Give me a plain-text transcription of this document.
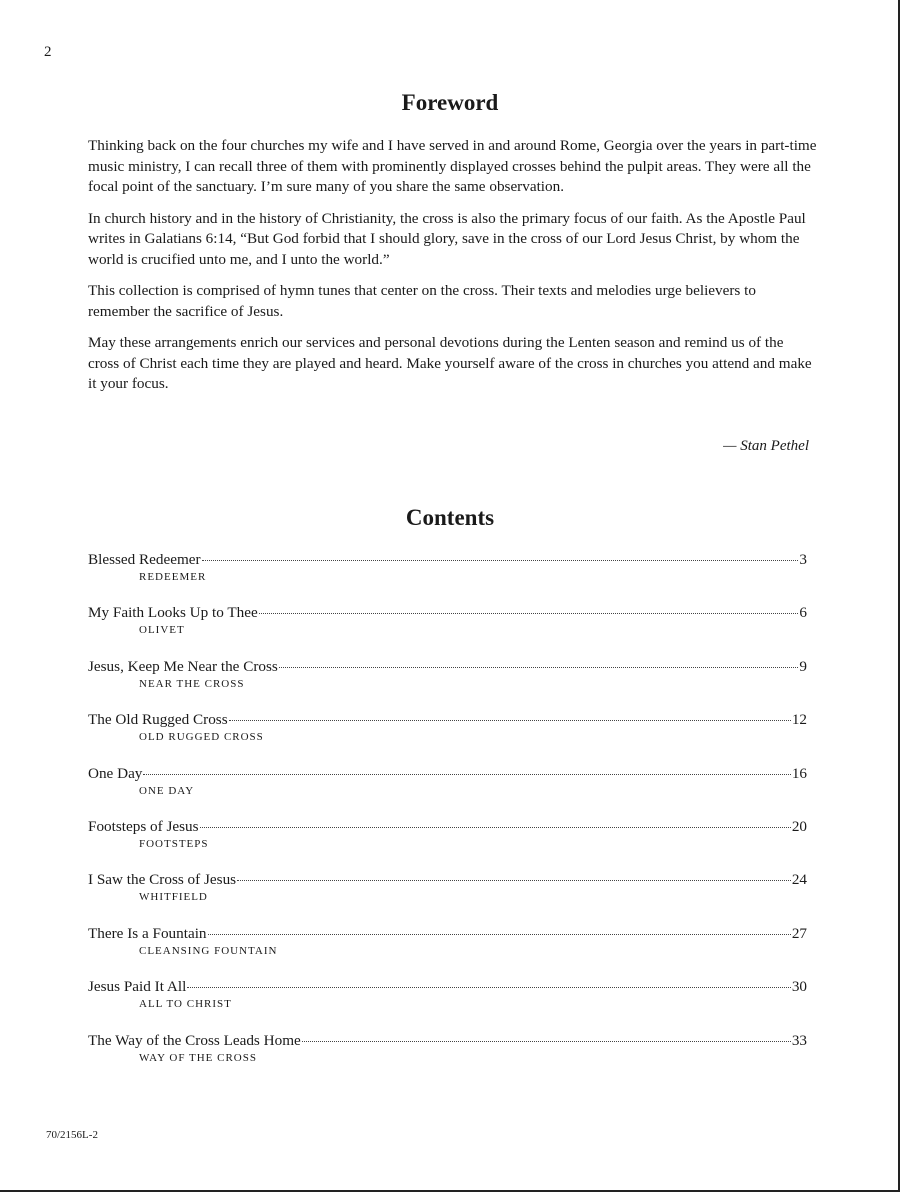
2
Foreword

Thinking back on the four churches my wife and I have served in and around Rome, Georgia over the years in part-time music ministry, I can recall three of them with prominently displayed crosses behind the pulpit areas. They were all the focal point of the sanctuary. I’m sure many of you share the same observation.

In church history and in the history of Christianity, the cross is also the primary focus of our faith. As the Apostle Paul writes in Galatians 6:14, “But God forbid that I should glory, save in the cross of our Lord Jesus Christ, by whom the world is crucified unto me, and I unto the world.”

This collection is comprised of hymn tunes that center on the cross. Their texts and melodies urge believers to remember the sacrifice of Jesus.

May these arrangements enrich our services and personal devotions during the Lenten season and remind us of the cross of Christ each time they are played and heard. Make yourself aware of the cross in churches you attend and make it your focus.

— Stan Pethel
Contents
Blessed Redeemer	3
REDEEMER
My Faith Looks Up to Thee	6
OLIVET
Jesus, Keep Me Near the Cross	9
NEAR THE CROSS
The Old Rugged Cross	12
OLD RUGGED CROSS
One Day	16
ONE DAY
Footsteps of Jesus	20
FOOTSTEPS
I Saw the Cross of Jesus	24
WHITFIELD
There Is a Fountain	27
CLEANSING FOUNTAIN
Jesus Paid It All	30
ALL TO CHRIST
The Way of the Cross Leads Home	33
WAY OF THE CROSS
70/2156L-2
